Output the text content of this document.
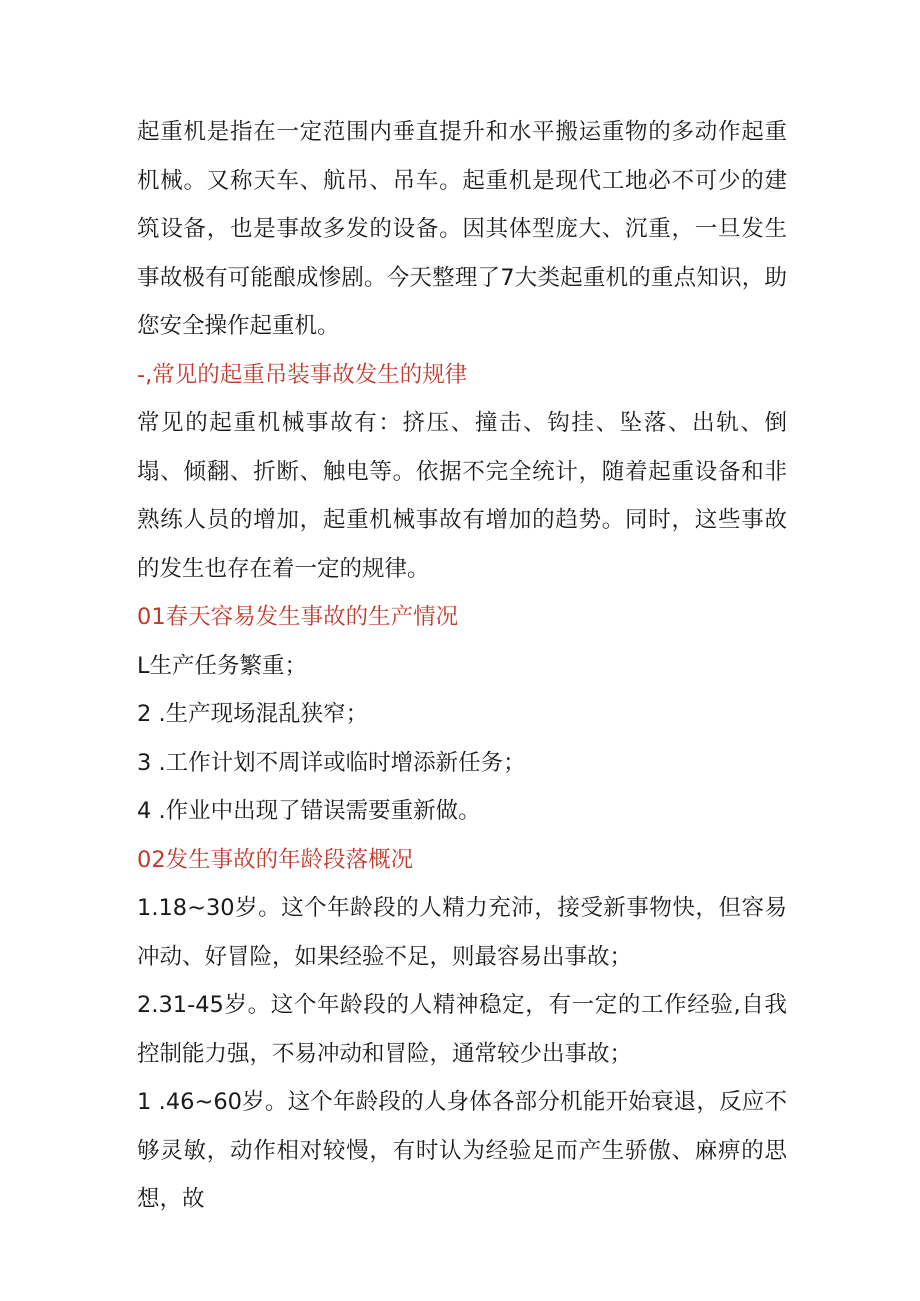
起重机是指在一定范围内垂直提升和水平搬运重物的多动作起重机械。又称天车、航吊、吊车。起重机是现代工地必不可少的建筑设备，也是事故多发的设备。因其体型庞大、沉重，一旦发生事故极有可能酿成惨剧。今天整理了7大类起重机的重点知识，助您安全操作起重机。

-,常见的起重吊装事故发生的规律

常见的起重机械事故有：挤压、撞击、钩挂、坠落、出轨、倒塌、倾翻、折断、触电等。依据不完全统计，随着起重设备和非熟练人员的增加，起重机械事故有增加的趋势。同时，这些事故的发生也存在着一定的规律。

01春天容易发生事故的生产情况

L生产任务繁重；

2 .生产现场混乱狭窄；

3 .工作计划不周详或临时增添新任务；

4 .作业中出现了错误需要重新做。

02发生事故的年龄段落概况

1.18~30岁。这个年龄段的人精力充沛，接受新事物快，但容易冲动、好冒险，如果经验不足，则最容易出事故；

2.31-45岁。这个年龄段的人精神稳定，有一定的工作经验,自我控制能力强，不易冲动和冒险，通常较少出事故；

1 .46~60岁。这个年龄段的人身体各部分机能开始衰退，反应不够灵敏，动作相对较慢，有时认为经验足而产生骄傲、麻痹的思想，故
